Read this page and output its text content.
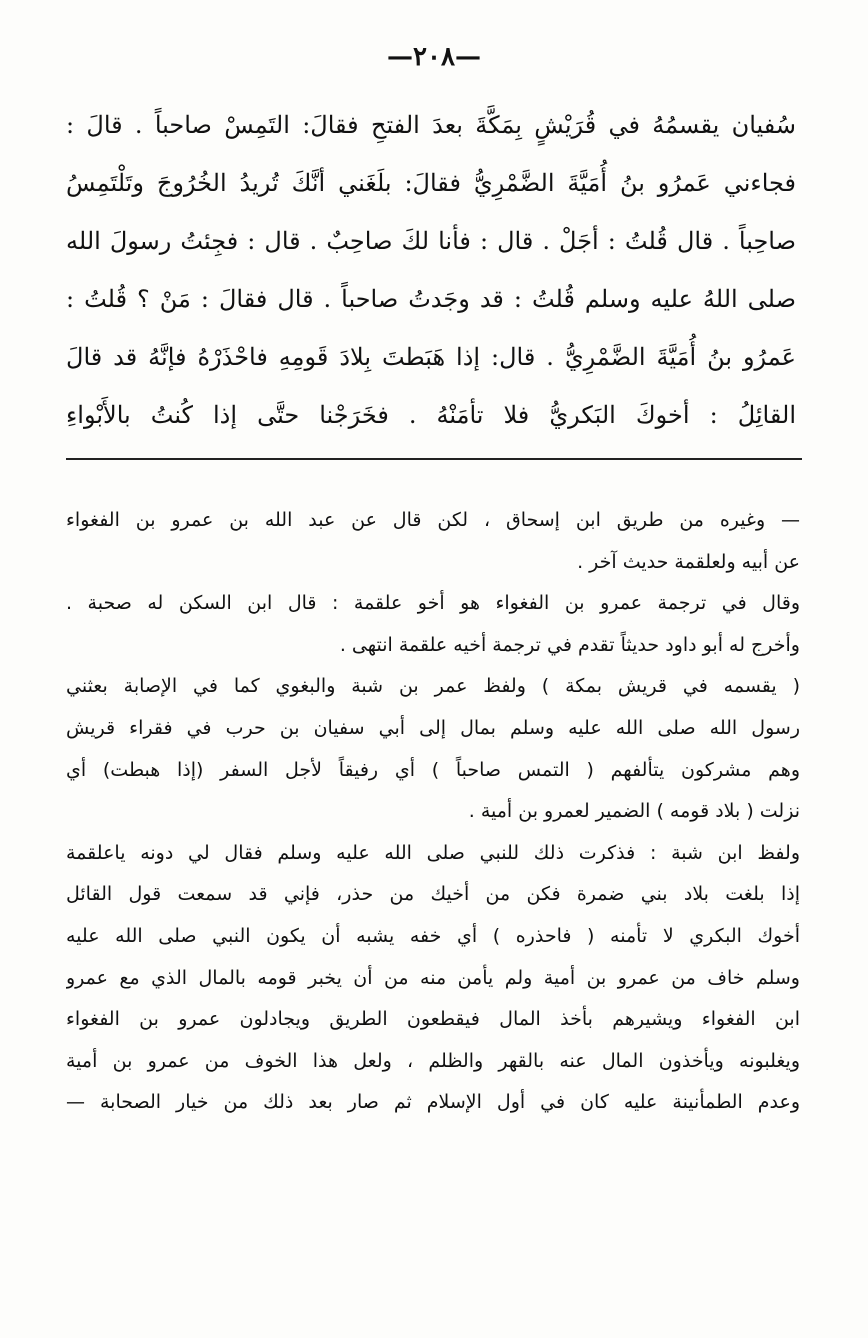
—٢٠٨—
سُفيان يقسمُهُ في قُرَيْشٍ بِمَكَّةَ بعدَ الفتحِ فقالَ: التَمِسْ صاحباً . قالَ :
فجاءني عَمرُو بنُ أُمَيَّةَ الضَّمْرِيُّ فقالَ: بلَغَني أنَّكَ تُريدُ الخُرُوجَ وتَلْتَمِسُ
صاحِباً . قال قُلتُ : أجَلْ . قال : فأنا لكَ صاحِبٌ . قال : فجِئتُ رسولَ الله
صلى اللهُ عليه وسلم قُلتُ : قد وجَدتُ صاحباً . قال فقالَ : مَنْ ؟ قُلتُ :
عَمرُو بنُ أُمَيَّةَ الضَّمْرِيُّ . قال: إذا هَبَطتَ بِلادَ قَومِهِ فاحْذَرْهُ فإنَّهُ قد قالَ
القائِلُ : أخوكَ البَكريُّ فلا تأمَنْهُ . فخَرَجْنا حتَّى إذا كُنتُ بالأَبْواءِ
— وغيره من طريق ابن إسحاق ، لكن قال عن عبد الله بن عمرو بن الفغواء
عن أبيه ولعلقمة حديث آخر .
وقال في ترجمة عمرو بن الفغواء هو أخو علقمة : قال ابن السكن له صحبة .
وأخرج له أبو داود حديثاً تقدم في ترجمة أخيه علقمة انتهى .
( يقسمه في قريش بمكة ) ولفظ عمر بن شبة والبغوي كما في الإصابة بعثني
رسول الله صلى الله عليه وسلم بمال إلى أبي سفيان بن حرب في فقراء قريش
وهم مشركون يتألفهم ( التمس صاحباً ) أي رفيقاً لأجل السفر (إذا هبطت) أي
نزلت ( بلاد قومه ) الضمير لعمرو بن أمية .
ولفظ ابن شبة : فذكرت ذلك للنبي صلى الله عليه وسلم فقال لي دونه ياعلقمة
إذا بلغت بلاد بني ضمرة فكن من أخيك من حذر، فإني قد سمعت قول القائل
أخوك البكري لا تأمنه ( فاحذره ) أي خفه يشبه أن يكون النبي صلى الله عليه
وسلم خاف من عمرو بن أمية ولم يأمن منه من أن يخبر قومه بالمال الذي مع عمرو
ابن الفغواء ويشيرهم بأخذ المال فيقطعون الطريق ويجادلون عمرو بن الفغواء
ويغلبونه ويأخذون المال عنه بالقهر والظلم ، ولعل هذا الخوف من عمرو بن أمية
وعدم الطمأنينة عليه كان في أول الإسلام ثم صار بعد ذلك من خيار الصحابة —
